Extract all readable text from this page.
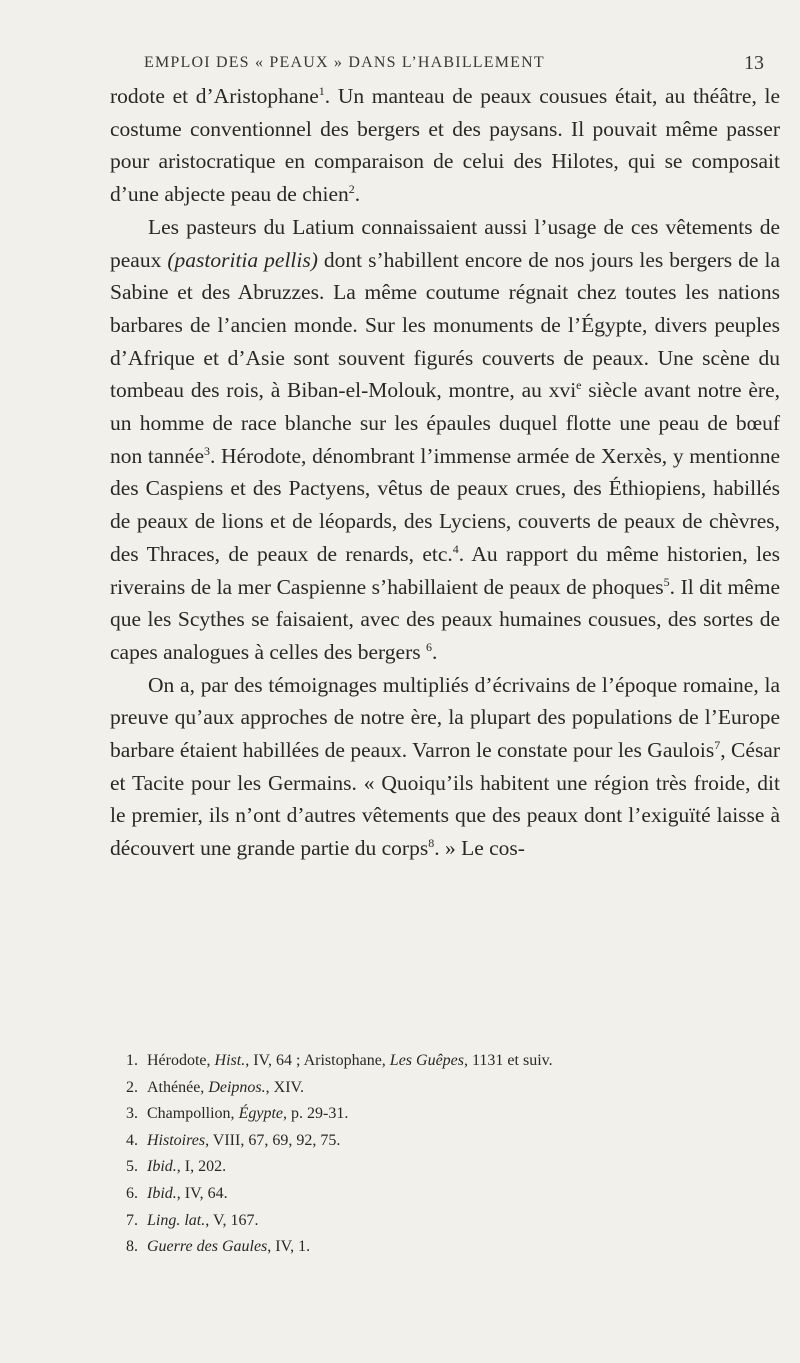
EMPLOI DES « PEAUX » DANS L’HABILLEMENT	13

rodote et d’Aristophane$^1$. Un manteau de peaux cousues était, au théâtre, le costume conventionnel des bergers et des paysans. Il pouvait même passer pour aristocratique en comparaison de celui des Hilotes, qui se composait d’une abjecte peau de chien$^2$.

Les pasteurs du Latium connaissaient aussi l’usage de ces vêtements de peaux (pastoritia pellis) dont s’habillent encore de nos jours les bergers de la Sabine et des Abruzzes. La même coutume régnait chez toutes les nations barbares de l’ancien monde. Sur les monuments de l’Égypte, divers peuples d’Afrique et d’Asie sont souvent figurés couverts de peaux. Une scène du tombeau des rois, à Biban-el-Molouk, montre, au xvi$^e$ siècle avant notre ère, un homme de race blanche sur les épaules duquel flotte une peau de bœuf non tannée$^3$. Hérodote, dénombrant l’immense armée de Xerxès, y mentionne des Caspiens et des Pactyens, vêtus de peaux crues, des Éthiopiens, habillés de peaux de lions et de léopards, des Lyciens, couverts de peaux de chèvres, des Thraces, de peaux de renards, etc.$^4$. Au rapport du même historien, les riverains de la mer Caspienne s’habillaient de peaux de phoques$^5$. Il dit même que les Scythes se faisaient, avec des peaux humaines cousues, des sortes de capes analogues à celles des bergers $^6$.

On a, par des témoignages multipliés d’écrivains de l’époque romaine, la preuve qu’aux approches de notre ère, la plupart des populations de l’Europe barbare étaient habillées de peaux. Varron le constate pour les Gaulois$^7$, César et Tacite pour les Germains. « Quoiqu’ils habitent une région très froide, dit le premier, ils n’ont d’autres vêtements que des peaux dont l’exiguïté laisse à découvert une grande partie du corps$^8$. » Le cos-

1. Hérodote, Hist., IV, 64 ; Aristophane, Les Guêpes, 1131 et suiv.
2. Athénée, Deipnos., XIV.
3. Champollion, Égypte, p. 29-31.
4. Histoires, VIII, 67, 69, 92, 75.
5. Ibid., I, 202.
6. Ibid., IV, 64.
7. Ling. lat., V, 167.
8. Guerre des Gaules, IV, 1.
